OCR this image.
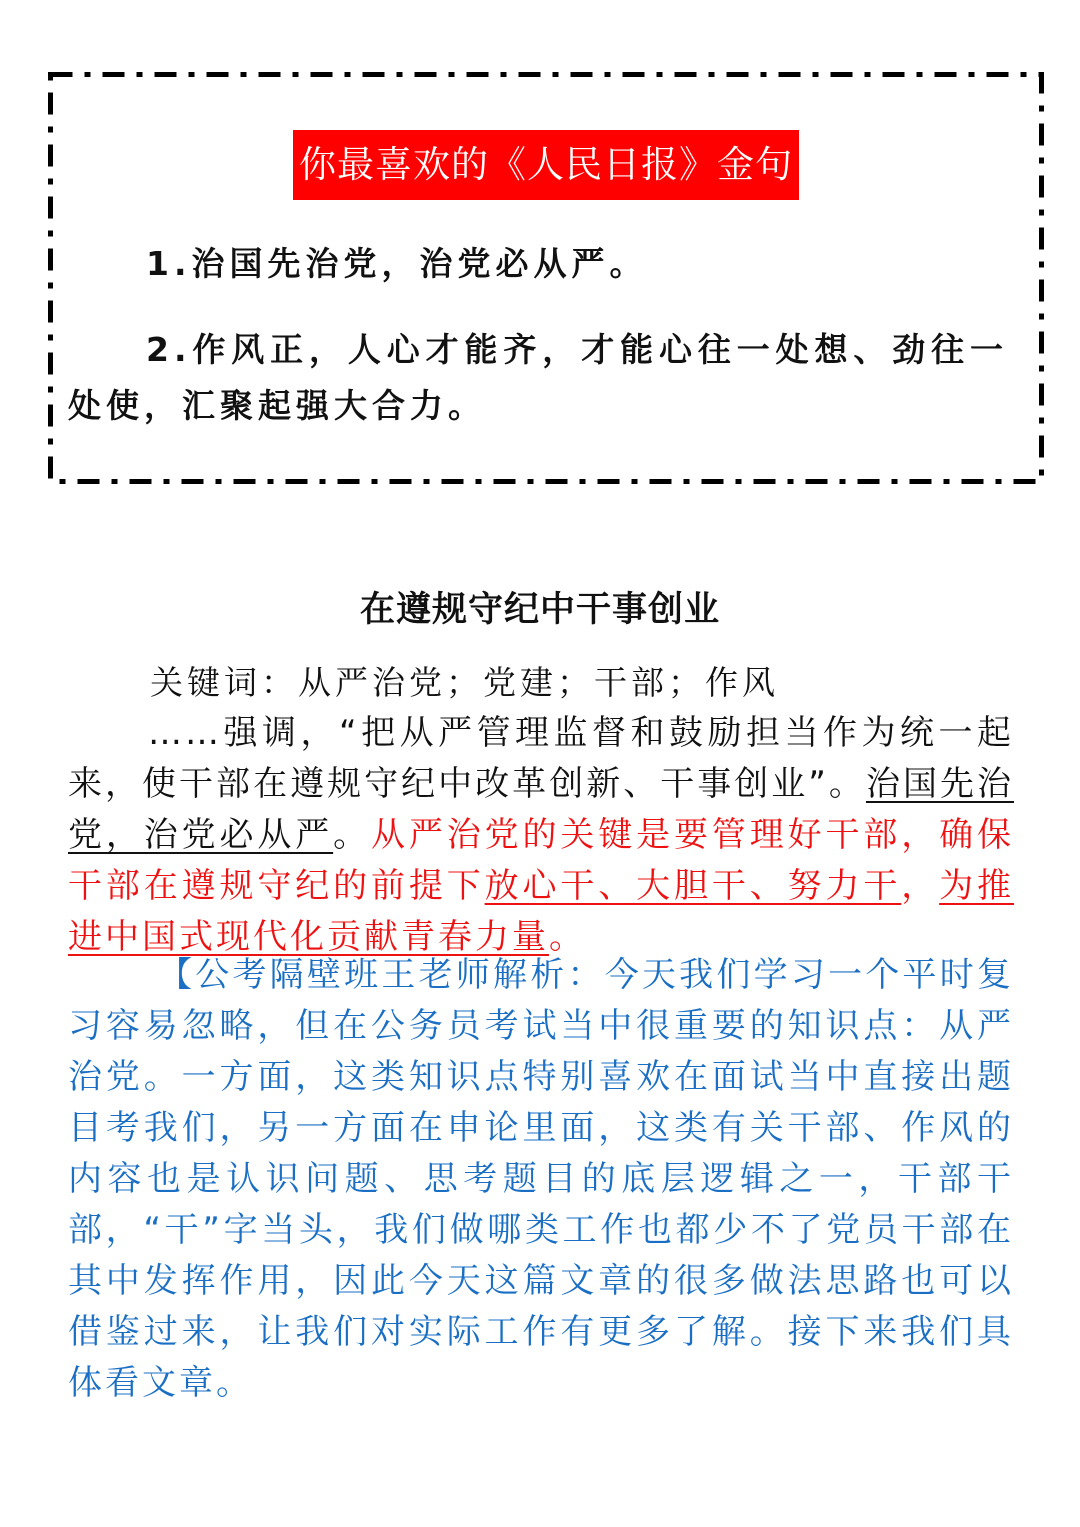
你最喜欢的《人民日报》金句
1.治国先治党，治党必从严。
2.作风正，人心才能齐，才能心往一处想、劲往一处使，汇聚起强大合力。
在遵规守纪中干事创业
关键词：从严治党；党建；干部；作风
……强调，“把从严管理监督和鼓励担当作为统一起来，使干部在遵规守纪中改革创新、干事创业”。治国先治党，治党必从严。从严治党的关键是要管理好干部，确保干部在遵规守纪的前提下放心干、大胆干、努力干，为推进中国式现代化贡献青春力量。
【公考隔壁班王老师解析：今天我们学习一个平时复习容易忽略，但在公务员考试当中很重要的知识点：从严治党。一方面，这类知识点特别喜欢在面试当中直接出题目考我们，另一方面在申论里面，这类有关干部、作风的内容也是认识问题、思考题目的底层逻辑之一，干部干部，“干”字当头，我们做哪类工作也都少不了党员干部在其中发挥作用，因此今天这篇文章的很多做法思路也可以借鉴过来，让我们对实际工作有更多了解。接下来我们具体看文章。
